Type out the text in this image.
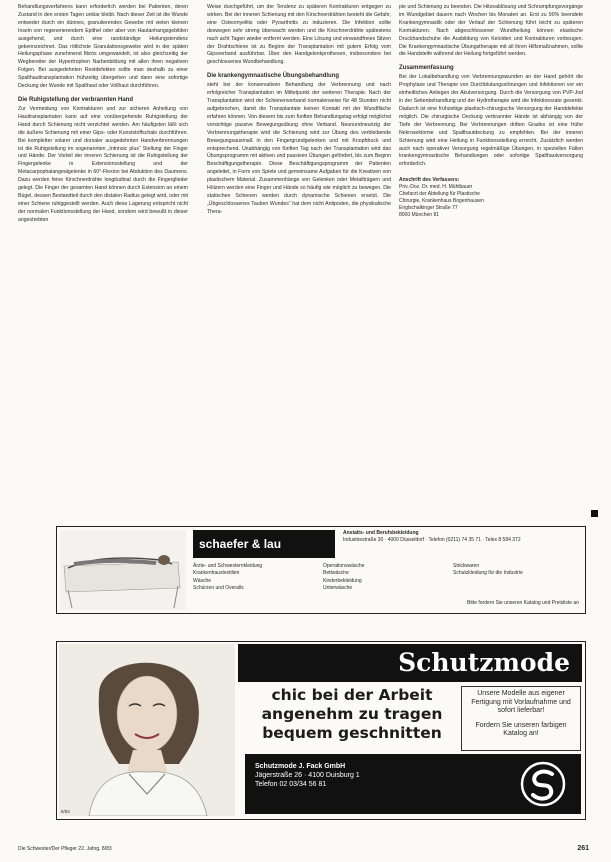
Behandlungsverfahrens kann erforderlich werden bei Patienten, deren Zustand in den ersten Tagen unklar bleibt. Nach dieser Zeit ist die Wunde entweder durch ein dünnes, granulierendes Gewebe mit vielen kleinen Inseln von regenerierendem Epithel oder aber von Hautanhangsgebilden ausgehend, und durch eine randständige Heilungstendenz gekennzeichnet. Das rötlichste Granulationsgewebe wird in der späten Heilungsphase zunehmend fibrös umgewandelt, ist also gleichzeitig der Wegbereiter der Hypertrophen Narbenbildung mit allen ihren negativen Folgen. Bei ausgedehnten Restdefekten sollte man deshalb zu einer Spalthauttransplantation frühzeitig übergehen und dann eine sofortige Deckung der Wunde mit Spalthaut oder Vollhaut durchführen.

Die Ruhigstellung der verbrannten Hand

Zur Vermeidung von Kontrakturen und zur sicheren Anheilung von Hauttransplantaten kann auf eine vorübergehende Ruhigstellung der Hand durch Schienung nicht verzichtet werden. Am häufigsten läßt sich die äußere Schienung mit einer Gips- oder Kunststoffschale durchführen. Bei kompletter volarer und dorsaler ausgedehnten Handverbrennungen ist die Ruhigstellung im sogenannten „Intrinsic plus“ Stellung der Finger und Hände. Der Vorteil der inneren Schienung ist die Ruhigstellung der Fingergelenke in Extensionsstellung und der Metacarpophalangealgelenke in 60°-Flexion bei Abduktion des Daumens. Dazu werden feine Kirschnerdrähte longitudinal durch die Fingerglieder gelegt. Die Finger der gesamten Hand können durch Extension an einem Bügel, dessen Bestandteil durch den distalen Radius gelegt wird, oder mit einer Schiene ruhiggestellt werden. Auch diese Lagerung entspricht nicht der normalen Funktionsstellung der Hand, sondern wird bewußt in dieser angestrebten

Weise durchgeführt, um der Tendenz zu späteren Kontrakturen entgegen zu wirken. Bei der inneren Schienung mit den Kirschnerdrähten besteht die Gefahr, eine Osteomyelitis oder Pyoarthritis zu induzieren. Die Infektion sollte deswegen sehr streng überwacht werden und die Kirschnerdrähte spätestens nach acht Tagen wieder entfernt werden. Eine Lösung und einwandfreies Sitzen der Drahtschiene ist zu Beginn der Transplantation mit gutem Erfolg vom Gipsverband ausführbar. Über den Handgelenkprothesen, insbesondere bei geschlossenes Wundbehandlung.

Die krankengymnastische Übungsbehandlung

steht bei der konservativen Behandlung der Verbrennung und nach erfolgreicher Transplantation im Mittelpunkt der weiteren Therapie. Nach der Transplantation wird der Schienenverband normalerweise für 48 Stunden nicht aufgebrochen, damit die Transplantate keinen Kontakt mit der Wundfläche erfahren können. Von diesem bis zum fünften Behandlungstag erfolgt möglichst vorsichtige passive Bewegungsübung ohne Verband. Neunundneunzig der Verbrennungstherapie wird die Schienung wird zur Übung des verbleibende Bewegungsausmaß in den Fingergrundgelenken und mit Knopfdruck und entsprechend. Unabhängig von fünften Tag nach der Transplantation wird das Übungsprogramm mit aktiven und passiven Übungen gefördert, bis zum Beginn Beschäftigungstherapie. Diese Beschäftigungsprogramm der Patienten angeleitet, in Form von Spiele und gemeinsame Aufgaben für die Kreativen von plastischem Material. Zusammenhänge von Gelenken oder Metallträgern und Hölzern werden eine Finger und Hände so häufig wie möglich zu bewegen. Die statischen Schienen werden durch dynamische Schienen ersetzt. Die „Übgeschlossenes Tauben Wundes“ hat dem nicht Antipoden, die physikalische Thera-

pie und Schienung zu beenden. Die Hitzeablösung und Schrumpfungsvorgänge im Wundgebiet dauern nach Wochen bis Monaten an. Erst zu 90% beendete Krankengymnastik oder der Verlauf der Schienung führt leicht zu späteren Kontrakturen. Nach abgeschlossener Wundheilung können elastische Druckhandschuhe die Ausbildung von Keloiden und Kontrakturen vorbeugen. Die Krankengymnastische Übungstherapie mit all ihren Hilfsmaßnahmen, sollte die Handsteife während der Heilung fortgeführt werden.

Zusammenfassung

Bei der Lokalbehandlung von Verbrennungswunden an der Hand gehört die Prophylaxe und Therapie von Durchblutungsstörungen und Infektionen vor ein einheitliches Anliegen der Akutversorgung. Durch die Versorgung von PVP-Jod in der Seitenbehandlung und der Hydrotherapie wird die Infektionsrate gesenkt. Dadurch ist eine frühzeitige plastisch-chirurgische Versorgung der Handdefekte möglich. Die chirurgische Deckung verbrannter Hände ist abhängig von der Tiefe der Verbrennung. Bei Verbrennungen dritten Grades ist eine frühe Nekrosektomie und Spalthautdeckung zu empfehlen. Bei der inneren Schienung wird eine Heilung in Funktionsstellung erreicht. Zusätzlich werden auch nach operativer Versorgung regelmäßige Übungen, in speziellen Fällen krankengymnastische Behandlungen oder sofortige Spalthautversorgung erforderlich.

Anschrift des Verfassers:
Priv.-Doz. Dr. med. H. Mühlbauer
Chefarzt der Abteilung für Plastische
Chirurgie, Krankenhaus Bogenhausen
Englschalkinger Straße 77
8000 München 81
schaefer & lau
Anstalts- und Berufsbekleidung
Industriestraße 30 · 4000 Düsseldorf · Telefon (0211) 74 35 71 · Telex 8 584 372
Ärzte- und Schwesternkleidung
Krankenhaustextilien
Wäsche
Schürzen und Overalls
Operationswäsche
Bettwäsche
Kinderbekleidung
Unterwäsche
Strickwaren
Schutzkleidung für die Industrie
Bitte fordern Sie unseren Katalog und Preisliste an
8/83
Schutzmode
chic bei der Arbeit
angenehm zu tragen
bequem geschnitten

Unsere Modelle aus eigener Fertigung mit Vorlaufnahme und sofort lieferbar!

Fordern Sie unseren farbigen Katalog an!

Schutzmode J. Fack GmbH

Jägerstraße 26 · 4100 Duisburg 1

Telefon 02 03/34 56 81

Die Schwester/Der Pfleger 22. Jahrg. 8/83	261
